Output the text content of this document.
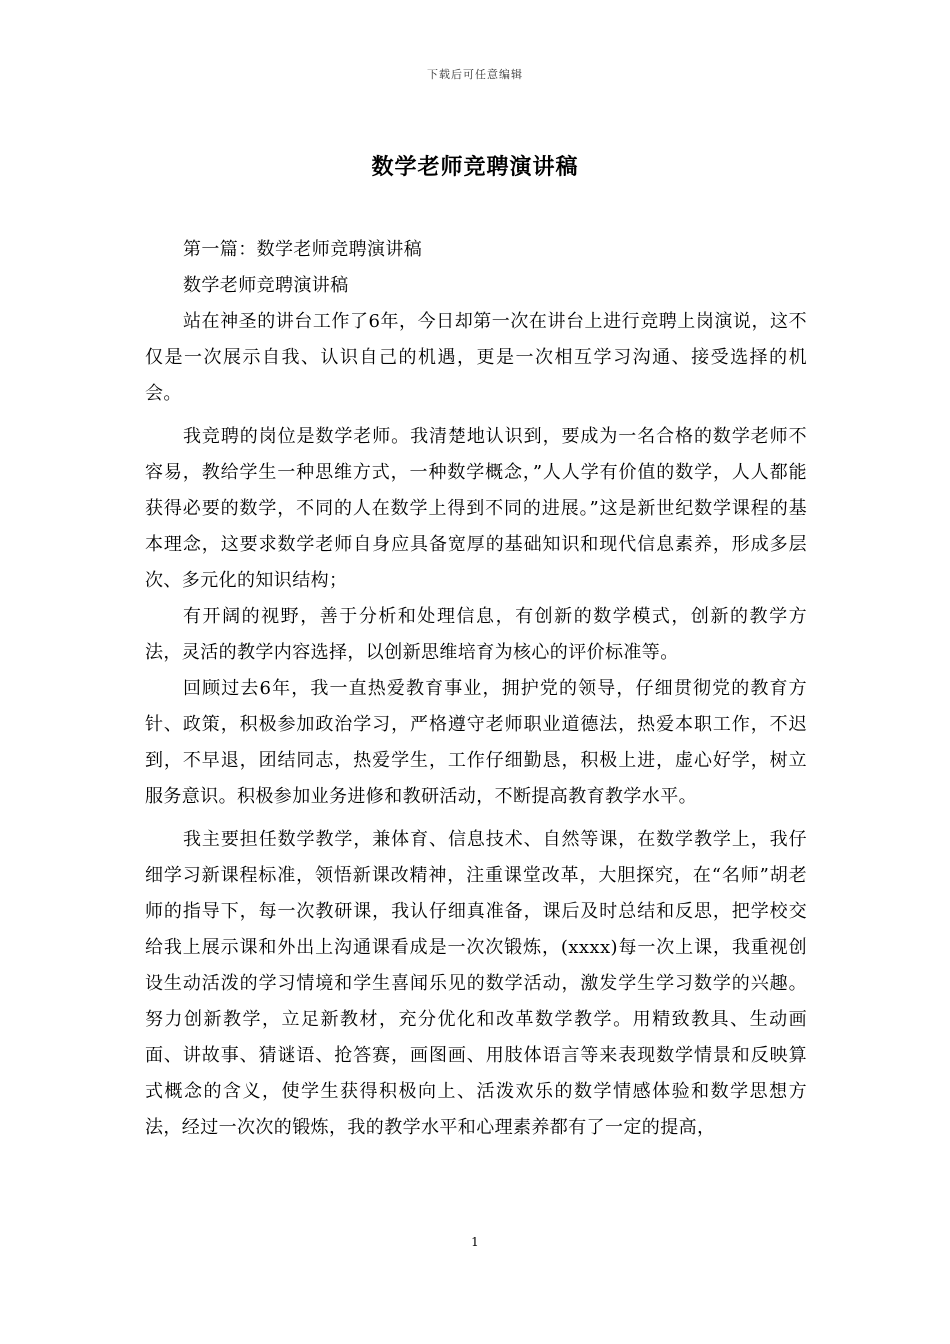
下载后可任意编辑
数学老师竞聘演讲稿

第一篇：数学老师竞聘演讲稿

数学老师竞聘演讲稿

站在神圣的讲台工作了6年，今日却第一次在讲台上进行竞聘上岗演说，这不仅是一次展示自我、认识自己的机遇，更是一次相互学习沟通、接受选择的机会。

我竞聘的岗位是数学老师。我清楚地认识到，要成为一名合格的数学老师不容易，教给学生一种思维方式，一种数学概念，”人人学有价值的数学，人人都能获得必要的数学，不同的人在数学上得到不同的进展。”这是新世纪数学课程的基本理念，这要求数学老师自身应具备宽厚的基础知识和现代信息素养，形成多层次、多元化的知识结构；

有开阔的视野，善于分析和处理信息，有创新的数学模式，创新的教学方法，灵活的教学内容选择，以创新思维培育为核心的评价标准等。

回顾过去6年，我一直热爱教育事业，拥护党的领导，仔细贯彻党的教育方针、政策，积极参加政治学习，严格遵守老师职业道德法，热爱本职工作，不迟到，不早退，团结同志，热爱学生，工作仔细勤恳，积极上进，虚心好学，树立服务意识。积极参加业务进修和教研活动，不断提高教育教学水平。

我主要担任数学教学，兼体育、信息技术、自然等课，在数学教学上，我仔细学习新课程标准，领悟新课改精神，注重课堂改革，大胆探究，在“名师”胡老师的指导下，每一次教研课，我认仔细真准备，课后及时总结和反思，把学校交给我上展示课和外出上沟通课看成是一次次锻炼，(xxxx)每一次上课，我重视创设生动活泼的学习情境和学生喜闻乐见的数学活动，激发学生学习数学的兴趣。努力创新教学，立足新教材，充分优化和改革数学教学。用精致教具、生动画面、讲故事、猜谜语、抢答赛，画图画、用肢体语言等来表现数学情景和反映算式概念的含义，使学生获得积极向上、活泼欢乐的数学情感体验和数学思想方法，经过一次次的锻炼，我的教学水平和心理素养都有了一定的提高，

1
